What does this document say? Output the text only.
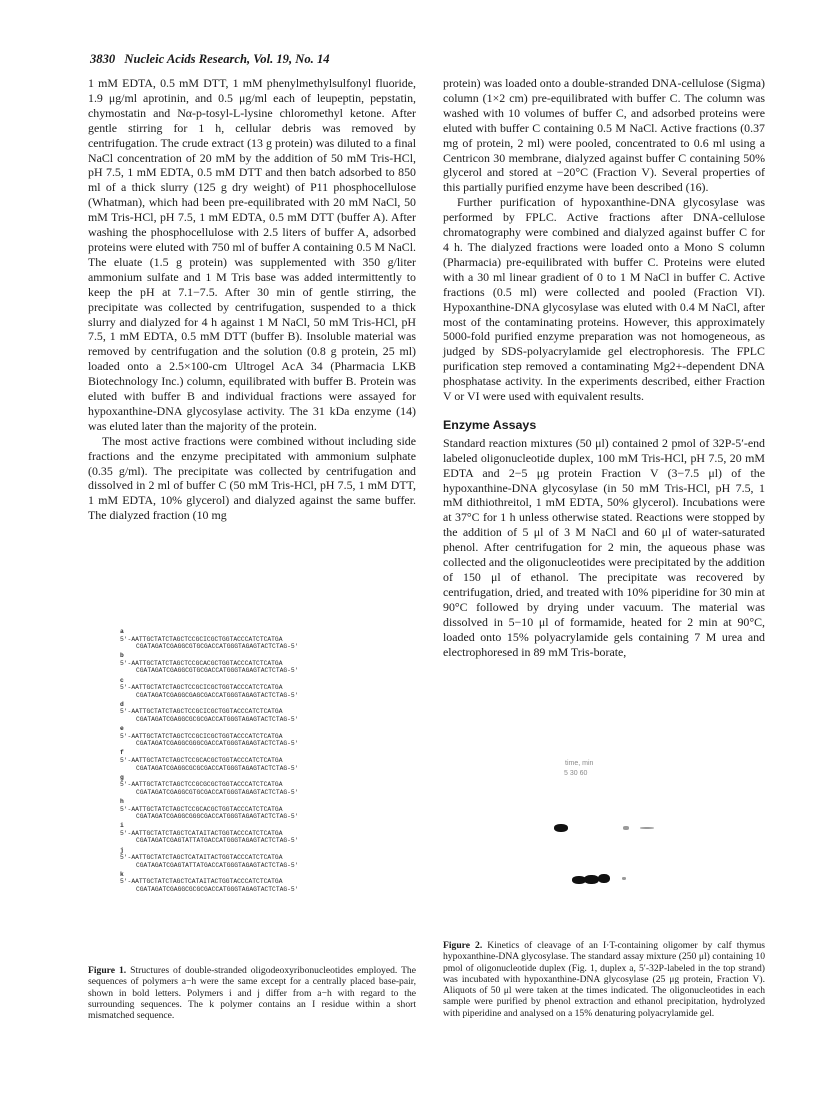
3830 Nucleic Acids Research, Vol. 19, No. 14

1 mM EDTA, 0.5 mM DTT, 1 mM phenylmethylsulfonyl fluoride, 1.9 μg/ml aprotinin, and 0.5 μg/ml each of leupeptin, pepstatin, chymostatin and Nα-p-tosyl-L-lysine chloromethyl ketone. After gentle stirring for 1 h, cellular debris was removed by centrifugation. The crude extract (13 g protein) was diluted to a final NaCl concentration of 20 mM by the addition of 50 mM Tris-HCl, pH 7.5, 1 mM EDTA, 0.5 mM DTT and then batch adsorbed to 850 ml of a thick slurry (125 g dry weight) of P11 phosphocellulose (Whatman), which had been pre-equilibrated with 20 mM NaCl, 50 mM Tris-HCl, pH 7.5, 1 mM EDTA, 0.5 mM DTT (buffer A). After washing the phosphocellulose with 2.5 liters of buffer A, adsorbed proteins were eluted with 750 ml of buffer A containing 0.5 M NaCl. The eluate (1.5 g protein) was supplemented with 350 g/liter ammonium sulfate and 1 M Tris base was added intermittently to keep the pH at 7.1−7.5. After 30 min of gentle stirring, the precipitate was collected by centrifugation, suspended to a thick slurry and dialyzed for 4 h against 1 M NaCl, 50 mM Tris-HCl, pH 7.5, 1 mM EDTA, 0.5 mM DTT (buffer B). Insoluble material was removed by centrifugation and the solution (0.8 g protein, 25 ml) loaded onto a 2.5×100-cm Ultrogel AcA 34 (Pharmacia LKB Biotechnology Inc.) column, equilibrated with buffer B. Protein was eluted with buffer B and individual fractions were assayed for hypoxanthine-DNA glycosylase activity. The 31 kDa enzyme (14) was eluted later than the majority of the protein.

The most active fractions were combined without including side fractions and the enzyme precipitated with ammonium sulphate (0.35 g/ml). The precipitate was collected by centrifugation and dissolved in 2 ml of buffer C (50 mM Tris-HCl, pH 7.5, 1 mM DTT, 1 mM EDTA, 10% glycerol) and dialyzed against the same buffer. The dialyzed fraction (10 mg

protein) was loaded onto a double-stranded DNA-cellulose (Sigma) column (1×2 cm) pre-equilibrated with buffer C. The column was washed with 10 volumes of buffer C, and adsorbed proteins were eluted with buffer C containing 0.5 M NaCl. Active fractions (0.37 mg of protein, 2 ml) were pooled, concentrated to 0.6 ml using a Centricon 30 membrane, dialyzed against buffer C containing 50% glycerol and stored at −20°C (Fraction V). Several properties of this partially purified enzyme have been described (16).

Further purification of hypoxanthine-DNA glycosylase was performed by FPLC. Active fractions after DNA-cellulose chromatography were combined and dialyzed against buffer C for 4 h. The dialyzed fractions were loaded onto a Mono S column (Pharmacia) pre-equilibrated with buffer C. Proteins were eluted with a 30 ml linear gradient of 0 to 1 M NaCl in buffer C. Active fractions (0.5 ml) were collected and pooled (Fraction VI). Hypoxanthine-DNA glycosylase was eluted with 0.4 M NaCl, after most of the contaminating proteins. However, this approximately 5000-fold purified enzyme preparation was not homogeneous, as judged by SDS-polyacrylamide gel electrophoresis. The FPLC purification step removed a contaminating Mg2+-dependent DNA phosphatase activity. In the experiments described, either Fraction V or VI were used with equivalent results.

Enzyme Assays

Standard reaction mixtures (50 μl) contained 2 pmol of 32P-5′-end labeled oligonucleotide duplex, 100 mM Tris-HCl, pH 7.5, 20 mM EDTA and 2−5 μg protein Fraction V (3−7.5 μl) of the hypoxanthine-DNA glycosylase (in 50 mM Tris-HCl, pH 7.5, 1 mM dithiothreitol, 1 mM EDTA, 50% glycerol). Incubations were at 37°C for 1 h unless otherwise stated. Reactions were stopped by the addition of 5 μl of 3 M NaCl and 60 μl of water-saturated phenol. After centrifugation for 2 min, the aqueous phase was collected and the oligonucleotides were precipitated by the addition of 150 μl of ethanol. The precipitate was recovered by centrifugation, dried, and treated with 10% piperidine for 30 min at 90°C followed by drying under vacuum. The material was dissolved in 5−10 μl of formamide, heated for 2 min at 90°C, loaded onto 15% polyacrylamide gels containing 7 M urea and electrophoresed in 89 mM Tris-borate,

a
5'-AATTGCTATCTAGCTCCGCICGCTGGTACCCATCTCATGA
CGATAGATCGAGGCGTGCGACCATGGGTAGAGTACTCTAG-5'
b
5'-AATTGCTATCTAGCTCCGCACGCTGGTACCCATCTCATGA
CGATAGATCGAGGCGTGCGACCATGGGTAGAGTACTCTAG-5'
c
5'-AATTGCTATCTAGCTCCGCICGCTGGTACCCATCTCATGA
CGATAGATCGAGGCGAGCGACCATGGGTAGAGTACTCTAG-5'
d
5'-AATTGCTATCTAGCTCCGCICGCTGGTACCCATCTCATGA
CGATAGATCGAGGCGCGCGACCATGGGTAGAGTACTCTAG-5'
e
5'-AATTGCTATCTAGCTCCGCICGCTGGTACCCATCTCATGA
CGATAGATCGAGGCGGGCGACCATGGGTAGAGTACTCTAG-5'
f
5'-AATTGCTATCTAGCTCCGCACGCTGGTACCCATCTCATGA
CGATAGATCGAGGCGCGCGACCATGGGTAGAGTACTCTAG-5'
g
5'-AATTGCTATCTAGCTCCGCGCGCTGGTACCCATCTCATGA
CGATAGATCGAGGCGTGCGACCATGGGTAGAGTACTCTAG-5'
h
5'-AATTGCTATCTAGCTCCGCACGCTGGTACCCATCTCATGA
CGATAGATCGAGGCGGGCGACCATGGGTAGAGTACTCTAG-5'
i
5'-AATTGCTATCTAGCTCATAITACTGGTACCCATCTCATGA
CGATAGATCGAGTATTATGACCATGGGTAGAGTACTCTAG-5'
j
5'-AATTGCTATCTAGCTCATAITACTGGTACCCATCTCATGA
CGATAGATCGAGTATTATGACCATGGGTAGAGTACTCTAG-5'
k
5'-AATTGCTATCTAGCTCATAITACTGGTACCCATCTCATGA
CGATAGATCGAGGCGCGCGACCATGGGTAGAGTACTCTAG-5'
time, min
5 30 60
Figure 2. Kinetics of cleavage of an I·T-containing oligomer by calf thymus hypoxanthine-DNA glycosylase. The standard assay mixture (250 μl) containing 10 pmol of oligonucleotide duplex (Fig. 1, duplex a, 5′-32P-labeled in the top strand) was incubated with hypoxanthine-DNA glycosylase (25 μg protein, Fraction V). Aliquots of 50 μl were taken at the times indicated. The oligonucleotides in each sample were purified by phenol extraction and ethanol precipitation, hydrolyzed with piperidine and analysed on a 15% denaturing polyacrylamide gel.
Figure 1. Structures of double-stranded oligodeoxyribonucleotides employed. The sequences of polymers a−h were the same except for a centrally placed base-pair, shown in bold letters. Polymers i and j differ from a−h with regard to the surrounding sequences. The k polymer contains an I residue within a short mismatched sequence.
